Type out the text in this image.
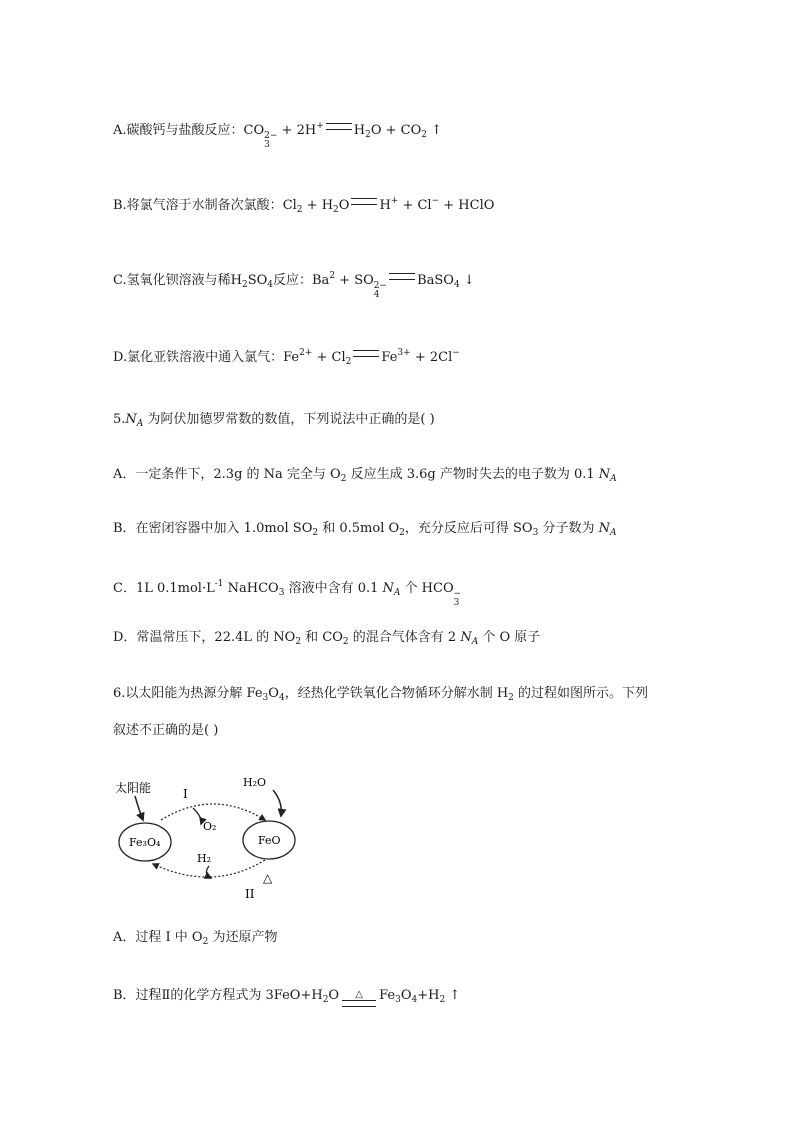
A.碳酸钙与盐酸反应：CO 2−
3
+ 2H+ $H_2O + CO_2$ ↑
B.将氯气溶于水制备次氯酸：$Cl_2 + H_2O$ H+ + Cl− + HClO
C.氢氧化钡溶液与稀$H_2SO_4$反应：$Ba^2$ + SO 2−
4
BaSO$_4$ ↓
D.氯化亚铁溶液中通入氯气：$Fe^{2+} + Cl_2$ $Fe^{3+} + 2Cl^-$
$5.N_A$ 为阿伏加德罗常数的数值，下列说法中正确的是( )
A．一定条件下，2.3g 的 Na 完全与 $O_2$ 反应生成 3.6g 产物时失去的电子数为 0.1 $N_A$
B．在密闭容器中加入 1.0mol $SO_2$ 和 0.5mol $O_2$，充分反应后可得 $SO_3$ 分子数为 $N_A$
C．1L $0.1mol\cdot L^{-1}$ NaHCO$_3$ 溶液中含有 0.1 $N_A$ 个 HCO −
3
D．常温常压下，22.4L 的 $NO_2$ 和 $CO_2$ 的混合气体含有 2 $N_A$ 个 O 原子
6.以太阳能为热源分解 $Fe_3O_4$，经热化学铁氧化合物循环分解水制 $H_2$ 的过程如图所示。下列
叙述不正确的是( )
太阳能	I
H₂O
O₂
Fe₃O₄	FeO
H₂
△
II
A．过程 I 中 $O_2$ 为还原产物
B．过程Ⅱ的化学方程式为 $3FeO+H_2O$ △ $Fe_3O_4+H_2$ ↑
